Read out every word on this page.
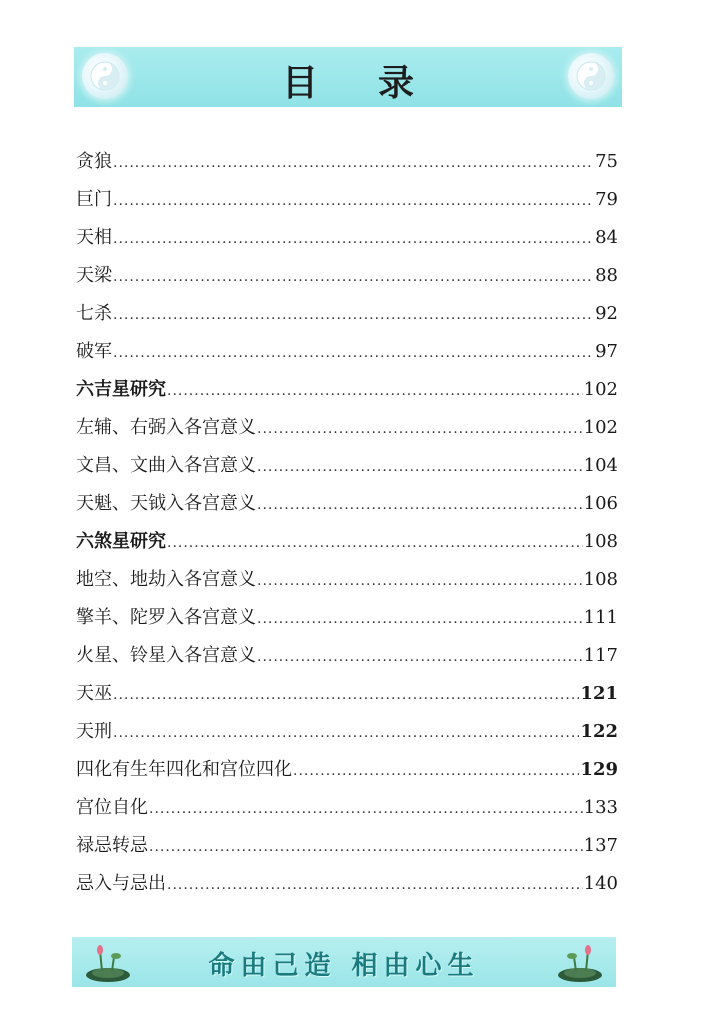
目录
贪狼 .....	75
巨门 .....	79
天相 .....	84
天梁 .....	88
七杀 .....	92
破军 .....	97
六吉星研究 .....	102
左辅、右弼入各宫意义 .....	102
文昌、文曲入各宫意义 .....	104
天魁、天钺入各宫意义 .....	106
六煞星研究 .....	108
地空、地劫入各宫意义 .....	108
擎羊、陀罗入各宫意义 .....	111
火星、铃星入各宫意义 .....	117
天巫 .....	121
天刑 .....	122
四化有生年四化和宫位四化 .....	129
宫位自化 .....	133
禄忌转忌 .....	137
忌入与忌出 .....	140
命由己造 相由心生
